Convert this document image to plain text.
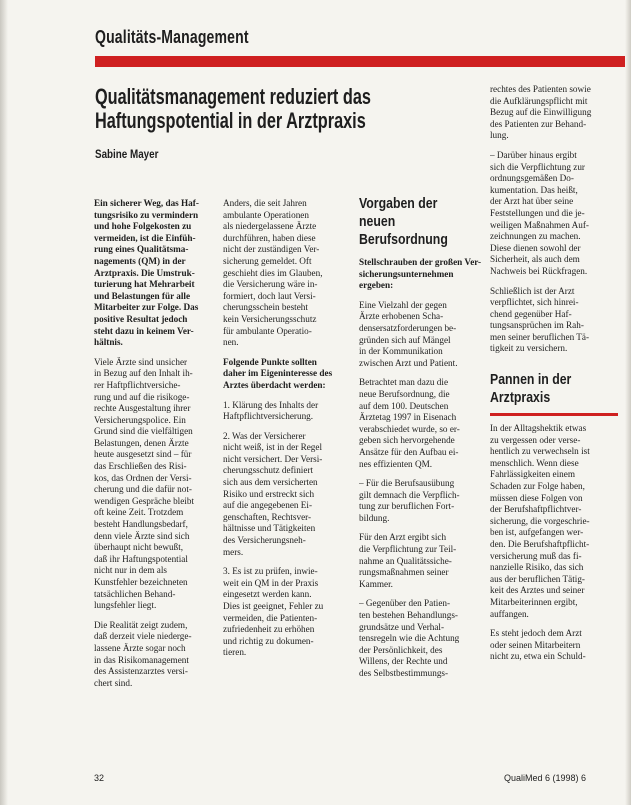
Qualitäts-Management
Qualitätsmanagement reduziert das
Haftungspotential in der Arztpraxis

Sabine Mayer

Ein sicherer Weg, das Haf-
tungsrisiko zu vermindern
und hohe Folgekosten zu
vermeiden, ist die Einfüh-
rung eines Qualitätsma-
nagements (QM) in der
Arztpraxis. Die Umstruk-
turierung hat Mehrarbeit
und Belastungen für alle
Mitarbeiter zur Folge. Das
positive Resultat jedoch
steht dazu in keinem Ver-
hältnis.
Viele Ärzte sind unsicher
in Bezug auf den Inhalt ih-
rer Haftpflichtversiche-
rung und auf die risikoge-
rechte Ausgestaltung ihrer
Versicherungspolice. Ein
Grund sind die vielfältigen
Belastungen, denen Ärzte
heute ausgesetzt sind – für
das Erschließen des Risi-
kos, das Ordnen der Versi-
cherung und die dafür not-
wendigen Gespräche bleibt
oft keine Zeit. Trotzdem
besteht Handlungsbedarf,
denn viele Ärzte sind sich
überhaupt nicht bewußt,
daß ihr Haftungspotential
nicht nur in dem als
Kunstfehler bezeichneten
tatsächlichen Behand-
lungsfehler liegt.
Die Realität zeigt zudem,
daß derzeit viele niederge-
lassene Ärzte sogar noch
in das Risikomanagement
des Assistenzarztes versi-
chert sind.
Anders, die seit Jahren
ambulante Operationen
als niedergelassene Ärzte
durchführen, haben diese
nicht der zuständigen Ver-
sicherung gemeldet. Oft
geschieht dies im Glauben,
die Versicherung wäre in-
formiert, doch laut Versi-
cherungsschein besteht
kein Versicherungsschutz
für ambulante Operatio-
nen.
Folgende Punkte sollten
daher im Eigeninteresse des
Arztes überdacht werden:
1. Klärung des Inhalts der
Haftpflichtversicherung.
2. Was der Versicherer
nicht weiß, ist in der Regel
nicht versichert. Der Versi-
cherungsschutz definiert
sich aus dem versicherten
Risiko und erstreckt sich
auf die angegebenen Ei-
genschaften, Rechtsver-
hältnisse und Tätigkeiten
des Versicherungsneh-
mers.
3. Es ist zu prüfen, inwie-
weit ein QM in der Praxis
eingesetzt werden kann.
Dies ist geeignet, Fehler zu
vermeiden, die Patienten-
zufriedenheit zu erhöhen
und richtig zu dokumen-
tieren.
Vorgaben der
neuen
Berufsordnung
Stellschrauben der großen Ver-
sicherungsunternehmen
ergeben:
Eine Vielzahl der gegen
Ärzte erhobenen Scha-
densersatzforderungen be-
gründen sich auf Mängel
in der Kommunikation
zwischen Arzt und Patient.
Betrachtet man dazu die
neue Berufsordnung, die
auf dem 100. Deutschen
Ärztetag 1997 in Eisenach
verabschiedet wurde, so er-
geben sich hervorgehende
Ansätze für den Aufbau ei-
nes effizienten QM.
– Für die Berufsausübung
gilt demnach die Verpflich-
tung zur beruflichen Fort-
bildung.
Für den Arzt ergibt sich
die Verpflichtung zur Teil-
nahme an Qualitätssiche-
rungsmaßnahmen seiner
Kammer.
– Gegenüber den Patien-
ten bestehen Behandlungs-
grundsätze und Verhal-
tensregeln wie die Achtung
der Persönlichkeit, des
Willens, der Rechte und
des Selbstbestimmungs-
rechtes des Patienten sowie
die Aufklärungspflicht mit
Bezug auf die Einwilligung
des Patienten zur Behand-
lung.
– Darüber hinaus ergibt
sich die Verpflichtung zur
ordnungsgemäßen Do-
kumentation. Das heißt,
der Arzt hat über seine
Feststellungen und die je-
weiligen Maßnahmen Auf-
zeichnungen zu machen.
Diese dienen sowohl der
Sicherheit, als auch dem
Nachweis bei Rückfragen.
Schließlich ist der Arzt
verpflichtet, sich hinrei-
chend gegenüber Haf-
tungsansprüchen im Rah-
men seiner beruflichen Tä-
tigkeit zu versichern.
Pannen in der
Arztpraxis
In der Alltagshektik etwas
zu vergessen oder verse-
hentlich zu verwechseln ist
menschlich. Wenn diese
Fahrlässigkeiten einem
Schaden zur Folge haben,
müssen diese Folgen von
der Berufshaftpflichtver-
sicherung, die vorgeschrie-
ben ist, aufgefangen wer-
den. Die Berufshaftpflicht-
versicherung muß das fi-
nanzielle Risiko, das sich
aus der beruflichen Tätig-
keit des Arztes und seiner
Mitarbeiterinnen ergibt,
auffangen.
Es steht jedoch dem Arzt
oder seinen Mitarbeitern
nicht zu, etwa ein Schuld-

32	QualiMed 6 (1998) 6
